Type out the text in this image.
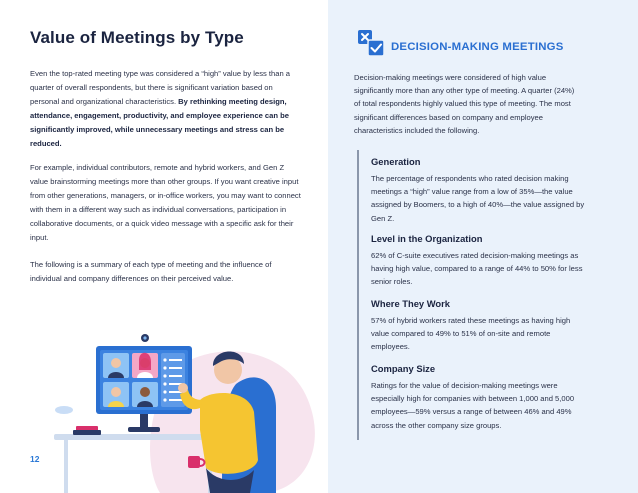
Value of Meetings by Type

Even the top-rated meeting type was considered a “high” value by less than a quarter of overall respondents, but there is significant variation based on personal and organizational characteristics. By rethinking meeting design, attendance, engagement, productivity, and employee experience can be significantly improved, while unnecessary meetings and stress can be reduced.

For example, individual contributors, remote and hybrid workers, and Gen Z value brainstorming meetings more than other groups. If you want creative input from other generations, managers, or in-office workers, you may want to connect with them in a different way such as individual conversations, participation in collaborative documents, or a quick video message with a specific ask for their input.

The following is a summary of each type of meeting and the influence of individual and company differences on their perceived value.

12
DECISION-MAKING MEETINGS

Decision-making meetings were considered of high value significantly more than any other type of meeting. A quarter (24%) of total respondents highly valued this type of meeting. The most significant differences based on company and employee characteristics included the following.

Generation

The percentage of respondents who rated decision making meetings a “high” value range from a low of 35%—the value assigned by Boomers, to a high of 40%—the value assigned by Gen Z.

Level in the Organization

62% of C-suite executives rated decision-making meetings as having high value, compared to a range of 44% to 50% for less senior roles.

Where They Work

57% of hybrid workers rated these meetings as having high value compared to 49% to 51% of on-site and remote employees.

Company Size

Ratings for the value of decision-making meetings were especially high for companies with between 1,000 and 5,000 employees—59% versus a range of between 46% and 49% across the other company size groups.
